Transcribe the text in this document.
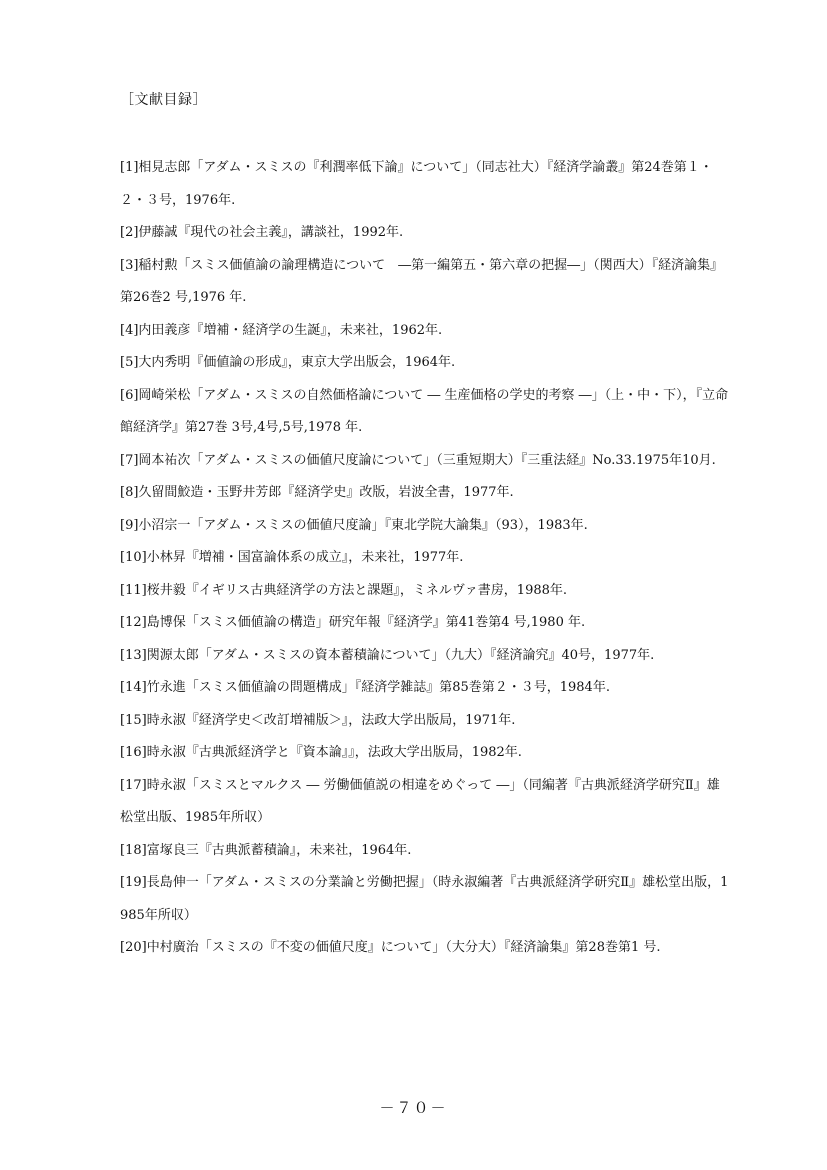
［文献目録］
[1]相見志郎「アダム・スミスの『利潤率低下論』について」（同志社大）『経済学論叢』第24巻第１・２・３号，1976年.
[2]伊藤誠『現代の社会主義』，講談社，1992年.
[3]稲村勲「スミス価値論の論理構造について　―第一編第五・第六章の把握―」（関西大）『経済論集』第26巻2 号,1976 年.
[4]内田義彦『増補・経済学の生誕』，未来社，1962年.
[5]大内秀明『価値論の形成』，東京大学出版会，1964年.
[6]岡崎栄松「アダム・スミスの自然価格論について ― 生産価格の学史的考察 ―」（上・中・下），『立命館経済学』第27巻 3号,4号,5号,1978 年.
[7]岡本祐次「アダム・スミスの価値尺度論について」（三重短期大）『三重法経』No.33.1975年10月.
[8]久留間鮫造・玉野井芳郎『経済学史』改版，岩波全書，1977年.
[9]小沼宗一「アダム・スミスの価値尺度論」『東北学院大論集』（93），1983年.
[10]小林昇『増補・国富論体系の成立』，未来社，1977年.
[11]桜井毅『イギリス古典経済学の方法と課題』，ミネルヴァ書房，1988年.
[12]島博保「スミス価値論の構造」研究年報『経済学』第41巻第4 号,1980 年.
[13]関源太郎「アダム・スミスの資本蓄積論について」（九大）『経済論究』40号，1977年.
[14]竹永進「スミス価値論の問題構成」『経済学雑誌』第85巻第２・３号，1984年.
[15]時永淑『経済学史＜改訂増補版＞』，法政大学出版局，1971年.
[16]時永淑『古典派経済学と『資本論』』，法政大学出版局，1982年.
[17]時永淑「スミスとマルクス ― 労働価値説の相違をめぐって ―」（同編著『古典派経済学研究Ⅱ』雄松堂出版、1985年所収）
[18]富塚良三『古典派蓄積論』，未来社，1964年.
[19]長島伸一「アダム・スミスの分業論と労働把握」（時永淑編著『古典派経済学研究Ⅱ』雄松堂出版，1985年所収）
[20]中村廣治「スミスの『不変の価値尺度』について」（大分大）『経済論集』第28巻第1 号.
－７０－
